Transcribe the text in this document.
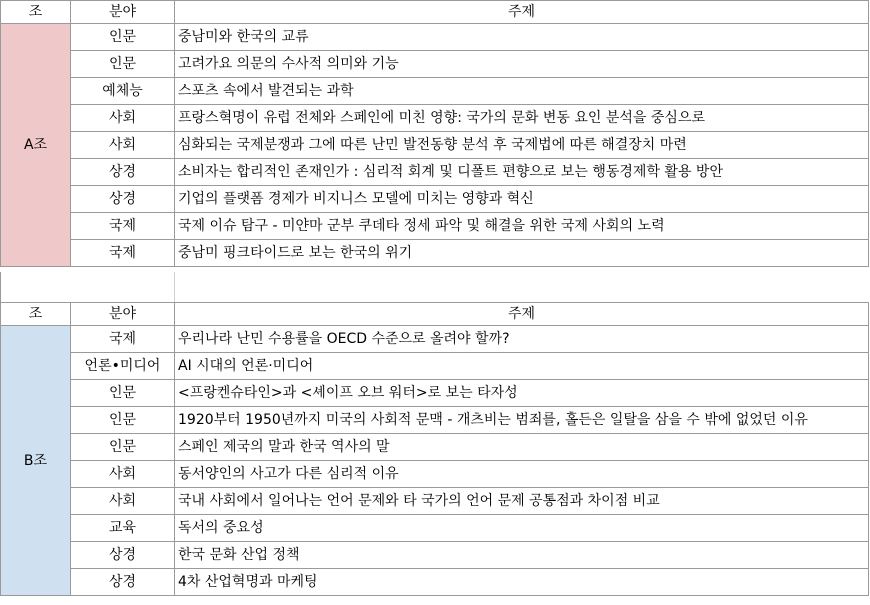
조	분야	주제
A조	인문	중남미와 한국의 교류
	인문	고려가요 의문의 수사적 의미와 기능
	예체능	스포츠 속에서 발견되는 과학
	사회	프랑스혁명이 유럽 전체와 스페인에 미친 영향: 국가의 문화 변동 요인 분석을 중심으로
	사회	심화되는 국제분쟁과 그에 따른 난민 발전동향 분석 후 국제법에 따른 해결장치 마련
	상경	소비자는 합리적인 존재인가 : 심리적 회계 및 디폴트 편향으로 보는 행동경제학 활용 방안
	상경	기업의 플랫폼 경제가 비지니스 모델에 미치는 영향과 혁신
	국제	국제 이슈 탐구 - 미얀마 군부 쿠데타 정세 파악 및 해결을 위한 국제 사회의 노력
	국제	중남미 핑크타이드로 보는 한국의 위기
조	분야	주제
B조	국제	우리나라 난민 수용률을 OECD 수준으로 올려야 할까?
	언론•미디어	AI 시대의 언론·미디어
	인문	<프랑켄슈타인>과 <셰이프 오브 워터>로 보는 타자성
	인문	1920부터 1950년까지 미국의 사회적 문맥 - 개츠비는 범죄를, 홀든은 일탈을 삼을 수 밖에 없었던 이유
	인문	스페인 제국의 말과 한국 역사의 말
	사회	동서양인의 사고가 다른 심리적 이유
	사회	국내 사회에서 일어나는 언어 문제와 타 국가의 언어 문제 공통점과 차이점 비교
	교육	독서의 중요성
	상경	한국 문화 산업 정책
	상경	4차 산업혁명과 마케팅
